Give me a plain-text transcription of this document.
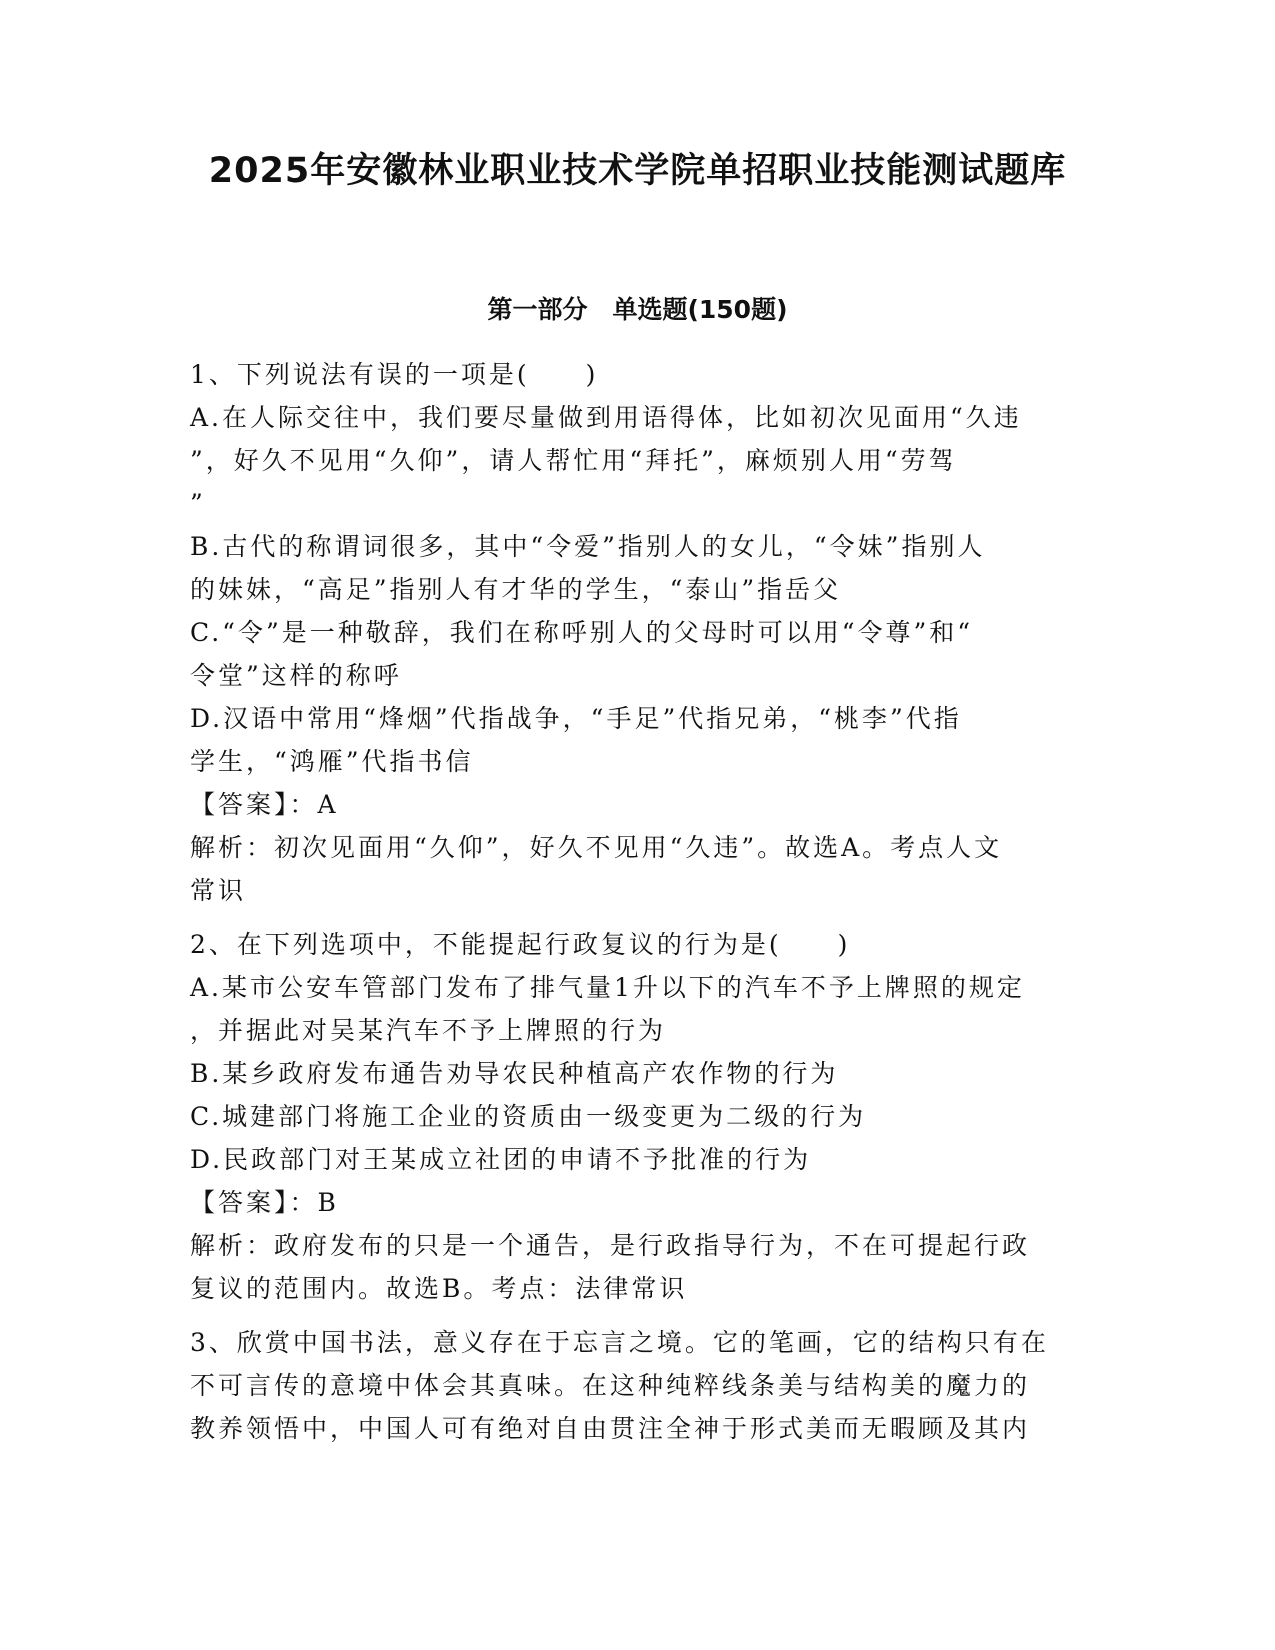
2025年安徽林业职业技术学院单招职业技能测试题库
第一部分　单选题(150题)
1、下列说法有误的一项是(　　)
A.在人际交往中，我们要尽量做到用语得体，比如初次见面用“久违
”，好久不见用“久仰”，请人帮忙用“拜托”，麻烦别人用“劳驾
”
B.古代的称谓词很多，其中“令爱”指别人的女儿，“令妹”指别人
的妹妹，“高足”指别人有才华的学生，“泰山”指岳父
C.“令”是一种敬辞，我们在称呼别人的父母时可以用“令尊”和“
令堂”这样的称呼
D.汉语中常用“烽烟”代指战争，“手足”代指兄弟，“桃李”代指
学生，“鸿雁”代指书信
【答案】：A
解析：初次见面用“久仰”，好久不见用“久违”。故选A。考点人文
常识
2、在下列选项中，不能提起行政复议的行为是(　　)
A.某市公安车管部门发布了排气量1升以下的汽车不予上牌照的规定
，并据此对吴某汽车不予上牌照的行为
B.某乡政府发布通告劝导农民种植高产农作物的行为
C.城建部门将施工企业的资质由一级变更为二级的行为
D.民政部门对王某成立社团的申请不予批准的行为
【答案】：B
解析：政府发布的只是一个通告，是行政指导行为，不在可提起行政
复议的范围内。故选B。考点：法律常识
3、欣赏中国书法，意义存在于忘言之境。它的笔画，它的结构只有在
不可言传的意境中体会其真味。在这种纯粹线条美与结构美的魔力的
教养领悟中，中国人可有绝对自由贯注全神于形式美而无暇顾及其内
